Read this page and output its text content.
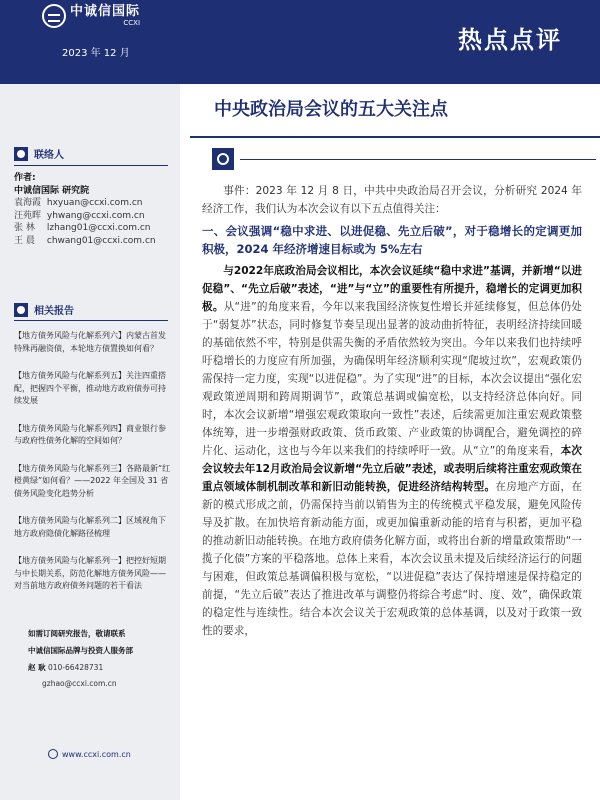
中诚信国际
CCXI
2023 年 12 月	热点点评
联络人
作者:
中诚信国际 研究院
袁海霞 hxyuan@ccxi.com.cn
汪苑晖 yhwang@ccxi.com.cn
张 林 lzhang01@ccxi.com.cn
王 晨 chwang01@ccxi.com.cn
相关报告
【地方债务风险与化解系列六】内蒙古首发特殊再融资债，本轮地方债置换如何看？
【地方债务风险与化解系列五】关注四重搭配，把握四个平衡，推动地方政府债券可持续发展
【地方债务风险与化解系列四】商业银行参与政府性债务化解的空间如何？
【地方债务风险与化解系列三】各路最新“红橙黄绿”如何看？——2022 年全国及 31 省债务风险变化趋势分析
【地方债务风险与化解系列二】区域视角下地方政府隐债化解路径梳理
【地方债务风险与化解系列一】把控好短期与中长期关系，防范化解地方债务风险——对当前地方政府债务问题的若干看法
如需订阅研究报告，敬请联系
中诚信国际品牌与投资人服务部
赵 耿 010-66428731
gzhao@ccxi.com.cn
www.ccxi.com.cn
中央政治局会议的五大关注点

事件：2023 年 12 月 8 日，中共中央政治局召开会议，分析研究 2024 年经济工作，我们认为本次会议有以下五点值得关注：

一、会议强调“稳中求进、以进促稳、先立后破”，对于稳增长的定调更加积极，2024 年经济增速目标或为 5%左右

与2022年底政治局会议相比，本次会议延续“稳中求进”基调，并新增“以进促稳”、“先立后破”表述，“进”与“立”的重要性有所提升，稳增长的定调更加积极。从“进”的角度来看，今年以来我国经济恢复性增长并延续修复，但总体仍处于“弱复苏”状态，同时修复节奏呈现出显著的波动曲折特征，表明经济持续回暖的基础依然不牢，特别是供需失衡的矛盾依然较为突出。今年以来我们也持续呼吁稳增长的力度应有所加强，为确保明年经济顺利实现“爬坡过坎”，宏观政策仍需保持一定力度，实现“以进促稳”。为了实现“进”的目标，本次会议提出“强化宏观政策逆周期和跨周期调节”，政策总基调或偏宽松，以支持经济总体向好。同时，本次会议新增“增强宏观政策取向一致性”表述，后续需更加注重宏观政策整体统筹，进一步增强财政政策、货币政策、产业政策的协调配合，避免调控的碎片化、运动化，这也与今年以来我们的持续呼吁一致。从“立”的角度来看，本次会议较去年12月政治局会议新增“先立后破”表述，或表明后续将注重宏观政策在重点领域体制机制改革和新旧动能转换，促进经济结构转型。在房地产方面，在新的模式形成之前，仍需保持当前以销售为主的传统模式平稳发展，避免风险传导及扩散。在加快培育新动能方面，或更加偏重新动能的培育与积蓄，更加平稳的推动新旧动能转换。在地方政府债务化解方面，或将出台新的增量政策帮助“一揽子化债”方案的平稳落地。总体上来看，本次会议虽未提及后续经济运行的问题与困难，但政策总基调偏积极与宽松，“以进促稳”表达了保持增速是保持稳定的前提，“先立后破”表达了推进改革与调整仍将综合考虑“时、度、效”，确保政策的稳定性与连续性。结合本次会议关于宏观政策的总体基调，以及对于政策一致性的要求，
